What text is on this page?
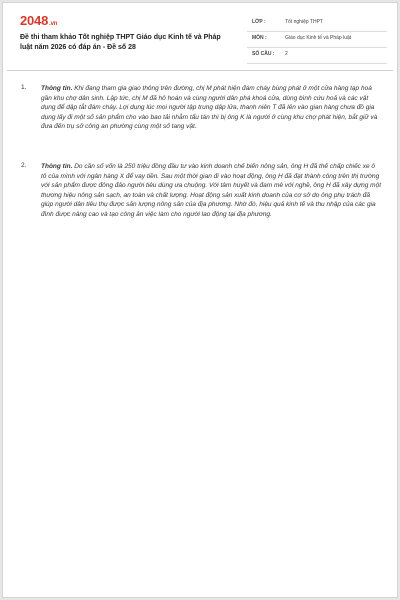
2048.vn
Đề thi tham khảo Tốt nghiệp THPT Giáo dục Kinh tế và Pháp luật năm 2026 có đáp án - Đề số 28
LỚP :	Tốt nghiệp THPT
MÔN :	Giáo dục Kinh tế và Pháp luật
SỐ CÂU : 2
1. Thông tin. Khi đang tham gia giao thông trên đường, chị M phát hiện đám cháy bùng phát ở một cửa hàng tạp hoá gần khu chợ dân sinh. Lập tức, chị M đã hô hoán và cùng người dân phá khoá cửa, dùng bình cứu hoả và các vật dụng để dập tắt đám cháy. Lợi dụng lúc mọi người tập trung dập lửa, thanh niên T đã lẻn vào gian hàng chưa đồ gia dụng lấy đi một số sản phẩm cho vào bao tải nhằm tẩu tán thì bị ông K là người ở cùng khu chợ phát hiện, bắt giữ và đưa đến trụ sở công an phường cùng một số tang vật.
2. Thông tin. Do cần số vốn là 250 triệu đồng đầu tư vào kinh doanh chế biến nông sản, ông H đã thế chấp chiếc xe ô tô của mình với ngân hàng X để vay tiền. Sau một thời gian đi vào hoạt động, ông H đã đạt thành công trên thị trường với sản phẩm được đông đảo người tiêu dùng ưa chuộng. Với tâm huyết và đam mê với nghề, ông H đã xây dựng một thương hiệu nông sản sạch, an toàn và chất lượng. Hoạt động sản xuất kinh doanh của cơ sở do ông phụ trách đã giúp người dân tiêu thụ được sản lượng nông sản của địa phương. Nhờ đó, hiệu quả kinh tế và thu nhập của các gia đình được nâng cao và tạo công ăn việc làm cho người lao động tại địa phương.
